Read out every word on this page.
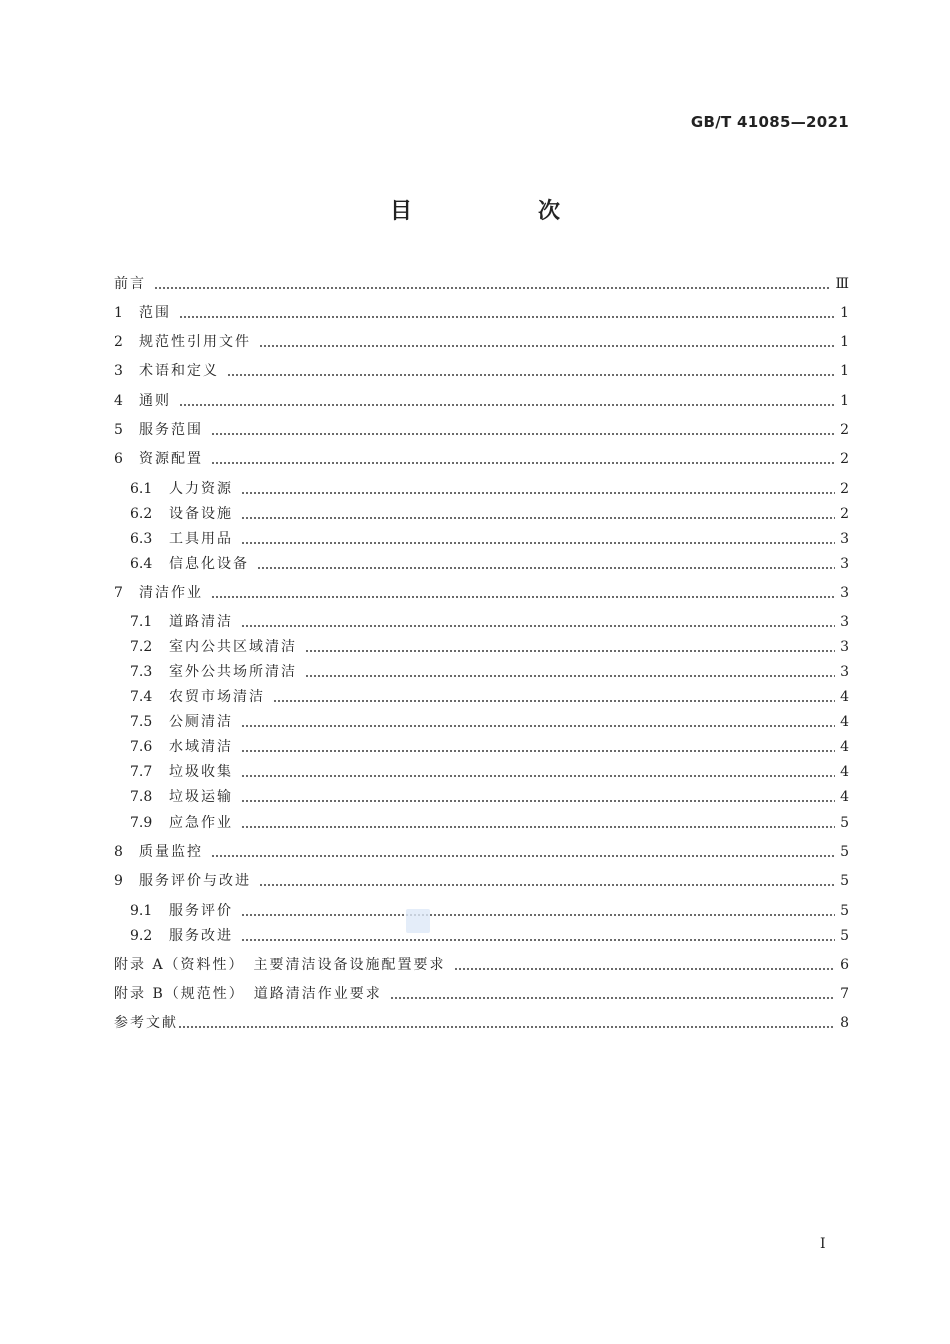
GB/T 41085—2021
目　次
前言	Ⅲ
1	范围	1
2	规范性引用文件	1
3	术语和定义	1
4	通则	1
5	服务范围	2
6	资源配置	2
6.1	人力资源	2
6.2	设备设施	2
6.3	工具用品	3
6.4	信息化设备	3
7	清洁作业	3
7.1	道路清洁	3
7.2	室内公共区域清洁	3
7.3	室外公共场所清洁	3
7.4	农贸市场清洁	4
7.5	公厕清洁	4
7.6	水域清洁	4
7.7	垃圾收集	4
7.8	垃圾运输	4
7.9	应急作业	5
8	质量监控	5
9	服务评价与改进	5
9.1	服务评价	5
9.2	服务改进	5
附录 A（资料性）　主要清洁设备设施配置要求	6
附录 B（规范性）　道路清洁作业要求	7
参考文献	8
I
